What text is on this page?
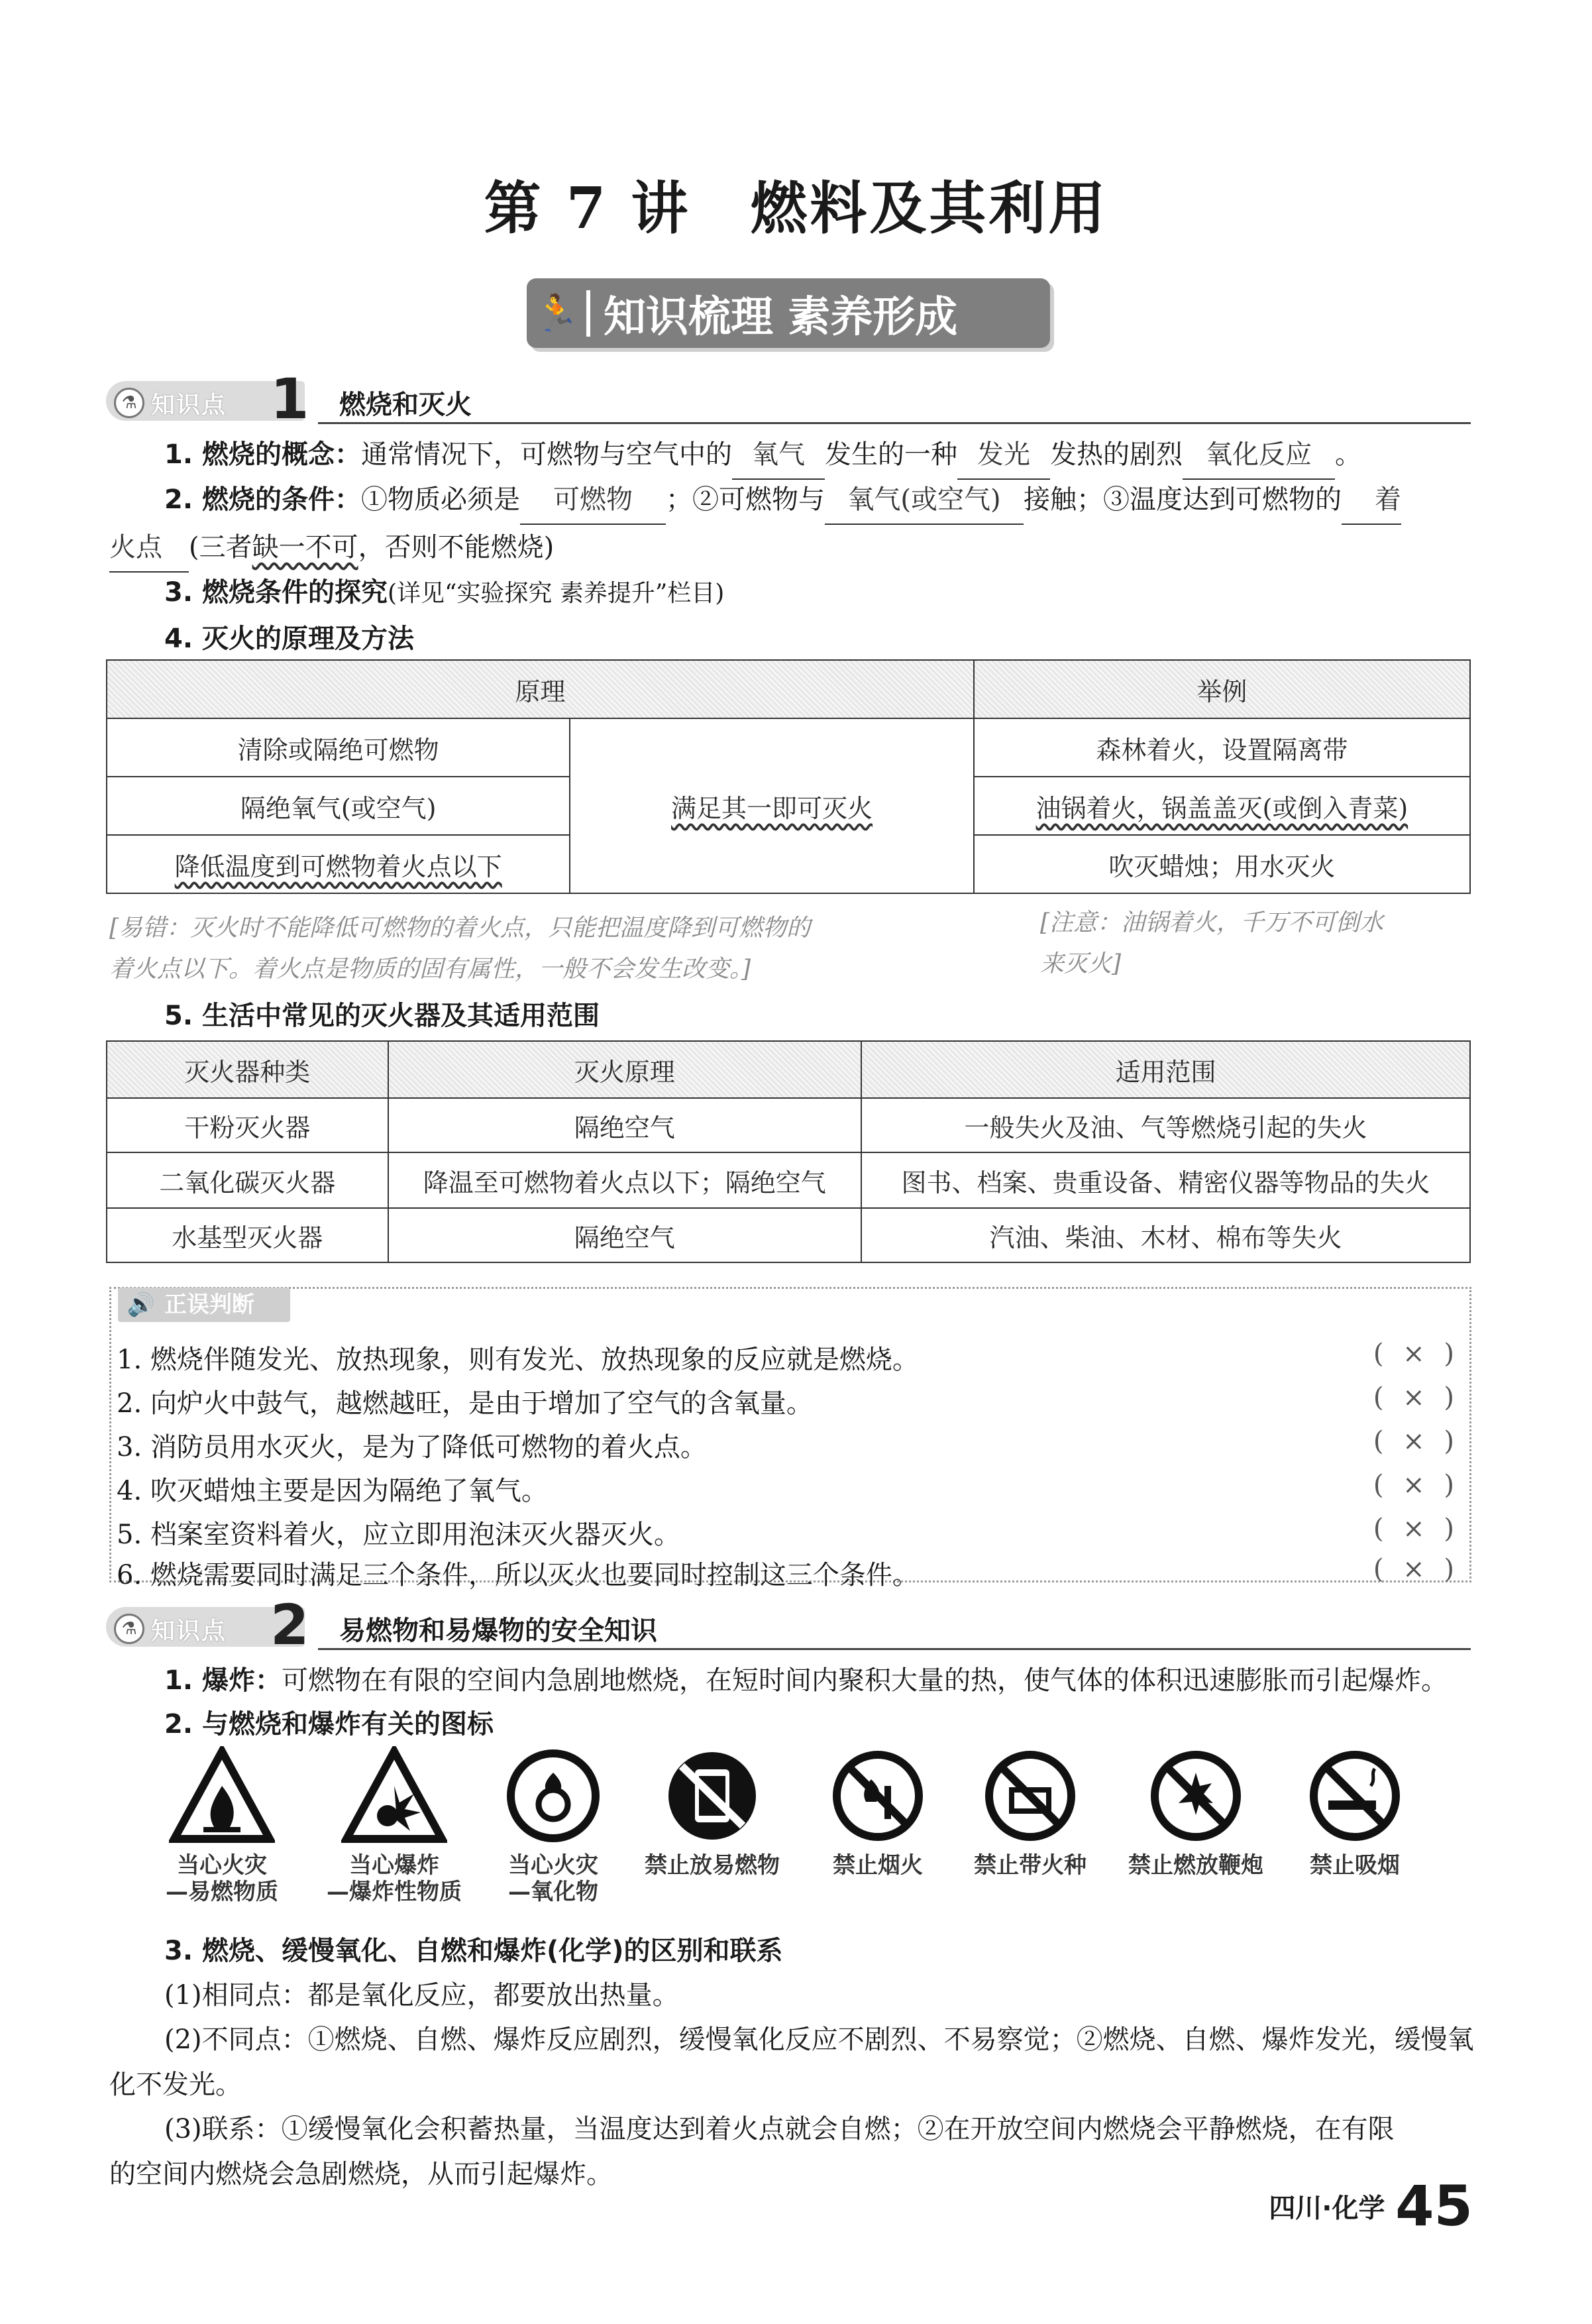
第 7 讲　燃料及其利用
🏃 知识梳理 素养形成
⚗ 知识点 1 燃烧和灭火
1. 燃烧的概念：通常情况下，可燃物与空气中的 氧气 发生的一种 发光 发热的剧烈 氧化反应 。
2. 燃烧的条件：①物质必须是 可燃物 ；②可燃物与 氧气(或空气) 接触；③温度达到可燃物的 着
火点 (三者缺一不可，否则不能燃烧)
3. 燃烧条件的探究(详见“实验探究 素养提升”栏目)
4. 灭火的原理及方法
原理		举例
清除或隔绝可燃物	满足其一即可灭火	森林着火，设置隔离带
隔绝氧气(或空气)		油锅着火，锅盖盖灭(或倒入青菜)
降低温度到可燃物着火点以下		吹灭蜡烛；用水灭火
[易错：灭火时不能降低可燃物的着火点，只能把温度降到可燃物的
着火点以下。着火点是物质的固有属性，一般不会发生改变。]
[注意：油锅着火，千万不可倒水
来灭火]
5. 生活中常见的灭火器及其适用范围
灭火器种类	灭火原理	适用范围
干粉灭火器	隔绝空气	一般失火及油、气等燃烧引起的失火
二氧化碳灭火器	降温至可燃物着火点以下；隔绝空气	图书、档案、贵重设备、精密仪器等物品的失火
水基型灭火器	隔绝空气	汽油、柴油、木材、棉布等失火
🔊 正误判断
1. 燃烧伴随发光、放热现象，则有发光、放热现象的反应就是燃烧。	( × )
2. 向炉火中鼓气，越燃越旺，是由于增加了空气的含氧量。	( × )
3. 消防员用水灭火，是为了降低可燃物的着火点。	( × )
4. 吹灭蜡烛主要是因为隔绝了氧气。	( × )
5. 档案室资料着火，应立即用泡沫灭火器灭火。	( × )
6. 燃烧需要同时满足三个条件，所以灭火也要同时控制这三个条件。	( × )
⚗ 知识点 2 易燃物和易爆物的安全知识
1. 爆炸：可燃物在有限的空间内急剧地燃烧，在短时间内聚积大量的热，使气体的体积迅速膨胀而引起爆炸。
2. 与燃烧和爆炸有关的图标
当心火灾
—易燃物质
当心爆炸
—爆炸性物质
当心火灾
—氧化物
禁止放易燃物	禁止烟火	禁止带火种	禁止燃放鞭炮	禁止吸烟
3. 燃烧、缓慢氧化、自燃和爆炸(化学)的区别和联系
(1)相同点：都是氧化反应，都要放出热量。
(2)不同点：①燃烧、自燃、爆炸反应剧烈，缓慢氧化反应不剧烈、不易察觉；②燃烧、自燃、爆炸发光，缓慢氧
化不发光。
(3)联系：①缓慢氧化会积蓄热量，当温度达到着火点就会自燃；②在开放空间内燃烧会平静燃烧，在有限
的空间内燃烧会急剧燃烧，从而引起爆炸。
四川·化学 45
